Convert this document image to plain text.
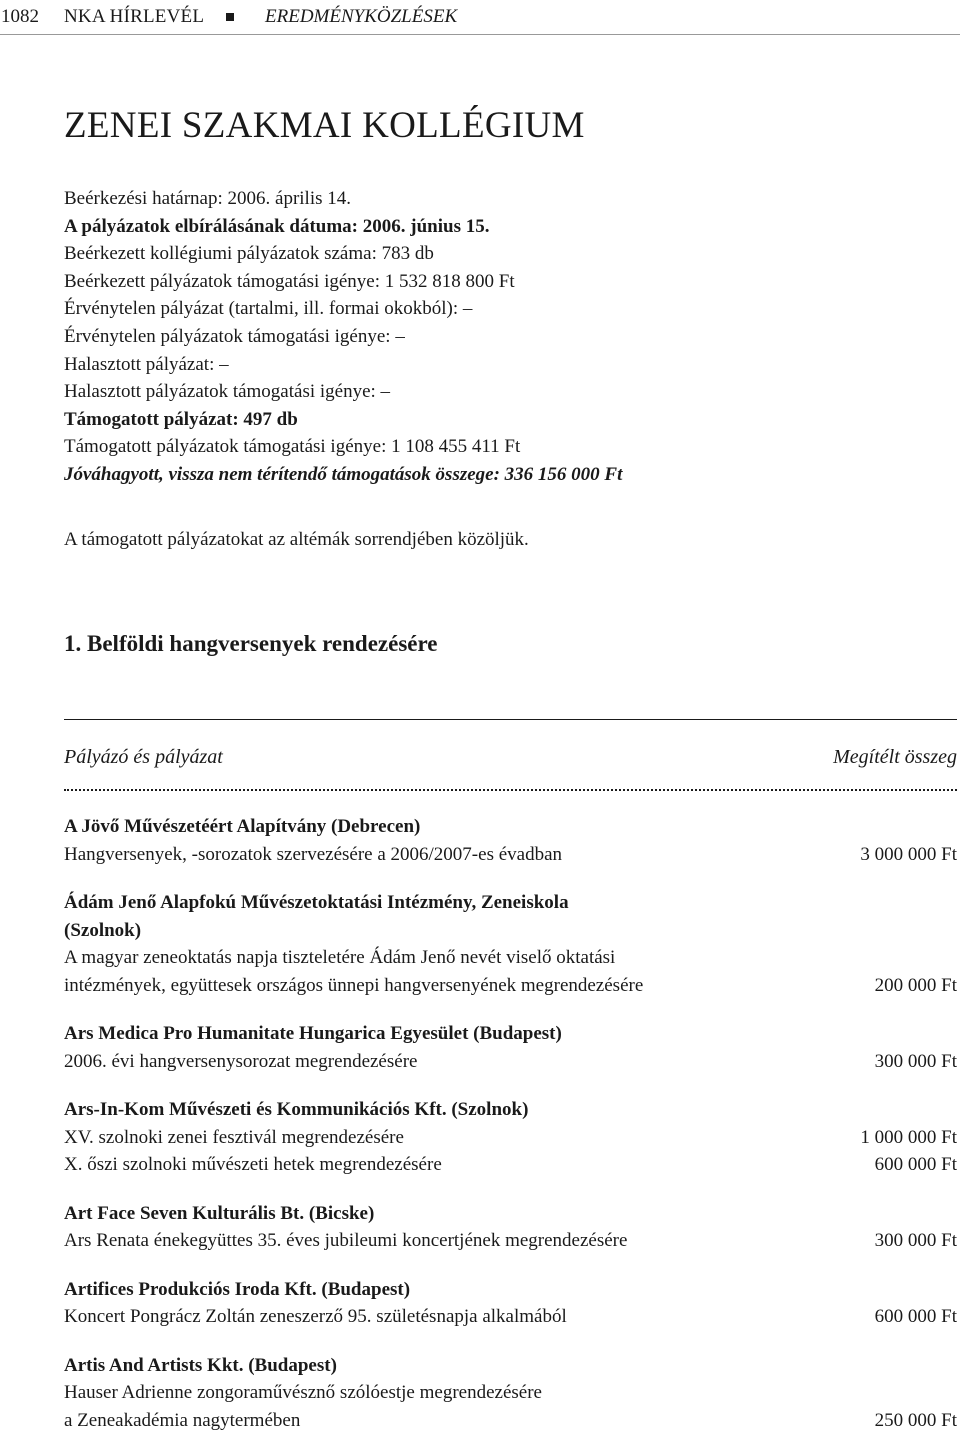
1082 NKA HÍRLEVÉL	EREDMÉNYKÖZLÉSEK
ZENEI SZAKMAI KOLLÉGIUM
Beérkezési határnap: 2006. április 14.
A pályázatok elbírálásának dátuma: 2006. június 15.
Beérkezett kollégiumi pályázatok száma: 783 db
Beérkezett pályázatok támogatási igénye: 1 532 818 800 Ft
Érvénytelen pályázat (tartalmi, ill. formai okokból): –
Érvénytelen pályázatok támogatási igénye: –
Halasztott pályázat: –
Halasztott pályázatok támogatási igénye: –
Támogatott pályázat: 497 db
Támogatott pályázatok támogatási igénye: 1 108 455 411 Ft
Jóváhagyott, vissza nem térítendő támogatások összege: 336 156 000 Ft
A támogatott pályázatokat az altémák sorrendjében közöljük.
1. Belföldi hangversenyek rendezésére
Pályázó és pályázat	Megítélt összeg
A Jövő Művészetéért Alapítvány (Debrecen)
Hangversenyek, -sorozatok szervezésére a 2006/2007-es évadban	3 000 000 Ft
Ádám Jenő Alapfokú Művészetoktatási Intézmény, Zeneiskola
(Szolnok)
A magyar zeneoktatás napja tiszteletére Ádám Jenő nevét viselő oktatási
intézmények, együttesek országos ünnepi hangversenyének megrendezésére	200 000 Ft
Ars Medica Pro Humanitate Hungarica Egyesület (Budapest)
2006. évi hangversenysorozat megrendezésére	300 000 Ft
Ars-In-Kom Művészeti és Kommunikációs Kft. (Szolnok)
XV. szolnoki zenei fesztivál megrendezésére	1 000 000 Ft
X. őszi szolnoki művészeti hetek megrendezésére	600 000 Ft
Art Face Seven Kulturális Bt. (Bicske)
Ars Renata énekegyüttes 35. éves jubileumi koncertjének megrendezésére	300 000 Ft
Artifices Produkciós Iroda Kft. (Budapest)
Koncert Pongrácz Zoltán zeneszerző 95. születésnapja alkalmából	600 000 Ft
Artis And Artists Kkt. (Budapest)
Hauser Adrienne zongoraművésznő szólóestje megrendezésére
a Zeneakadémia nagytermében	250 000 Ft
